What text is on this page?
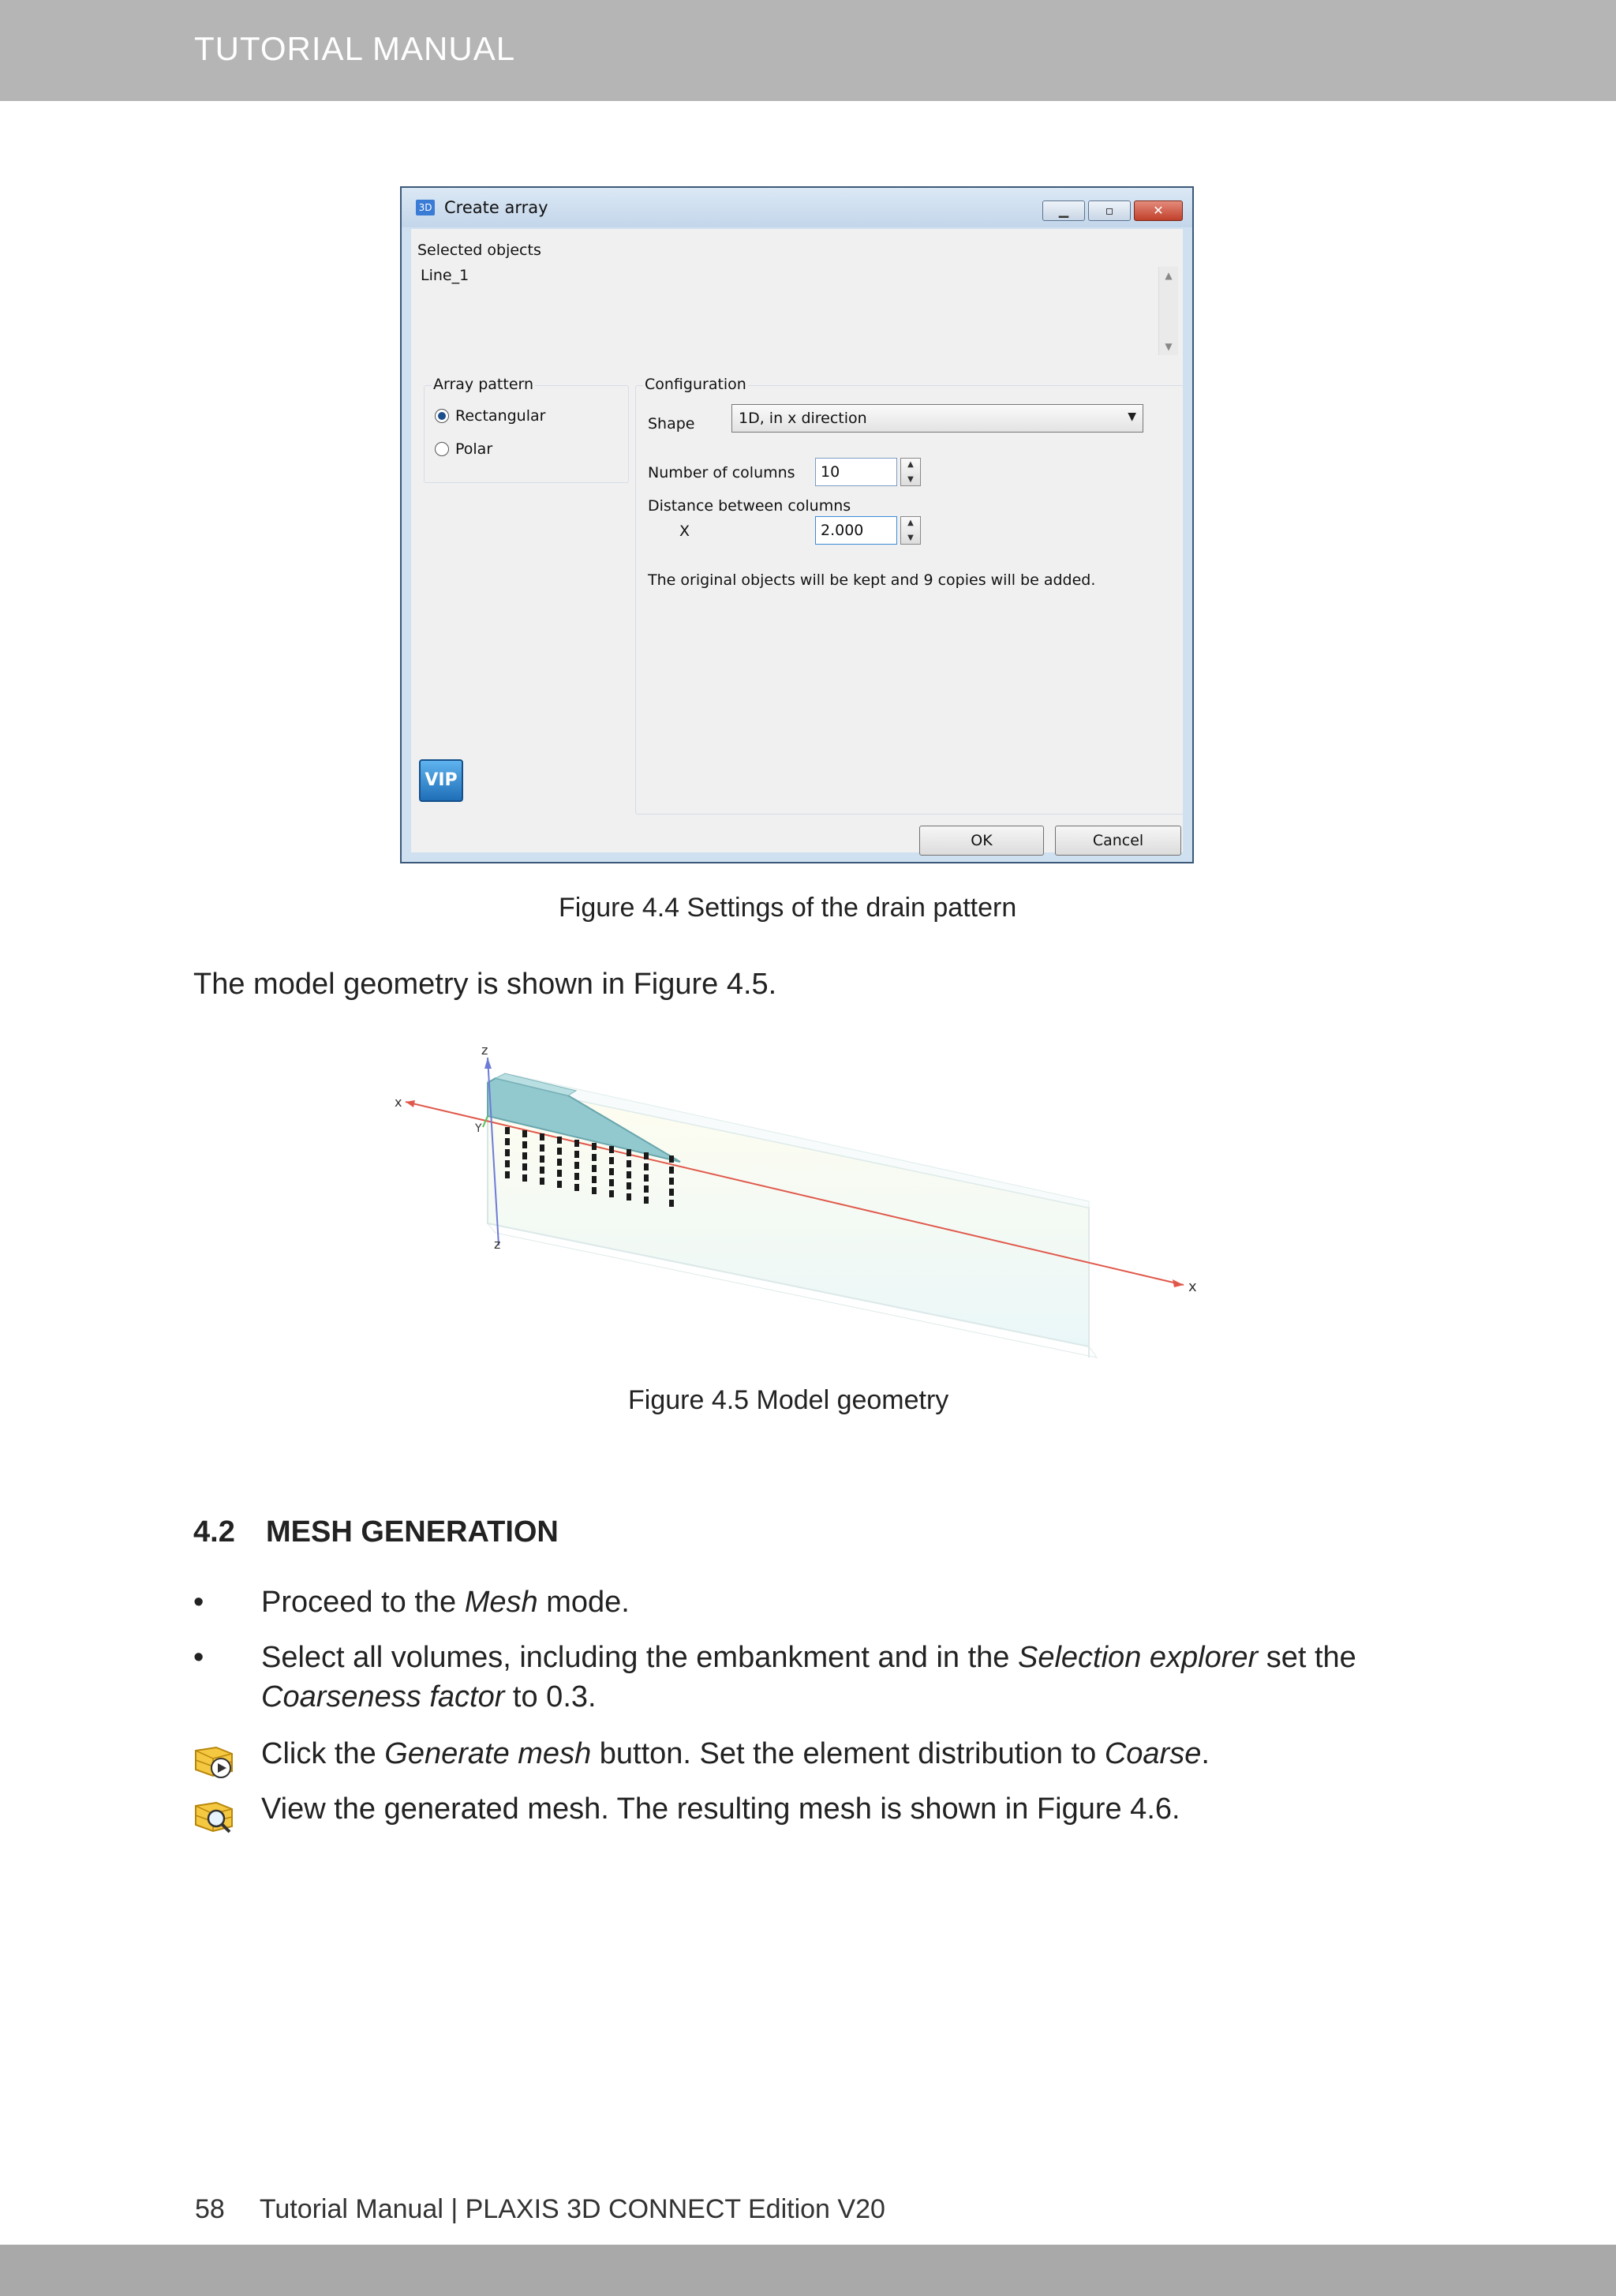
TUTORIAL MANUAL
3D Create array	▁	▫	✕
Selected objects
Line_1	▲
▼
Array pattern
Rectangular
Polar
Configuration
Shape	1D, in x direction	▼
Number of columns 10	▲
▼
Distance between columns
X	2.000	▲
▼
The original objects will be kept and 9 copies will be added.
VIP
OK	Cancel
Figure 4.4 Settings of the drain pattern
The model geometry is shown in Figure 4.5.
z
x
Y
z
x
Figure 4.5 Model geometry
4.2 MESH GENERATION
• Proceed to the Mesh mode.
• Select all volumes, including the embankment and in the Selection explorer set the
Coarseness factor to 0.3.
Click the Generate mesh button. Set the element distribution to Coarse.
View the generated mesh. The resulting mesh is shown in Figure 4.6.
58 Tutorial Manual | PLAXIS 3D CONNECT Edition V20
